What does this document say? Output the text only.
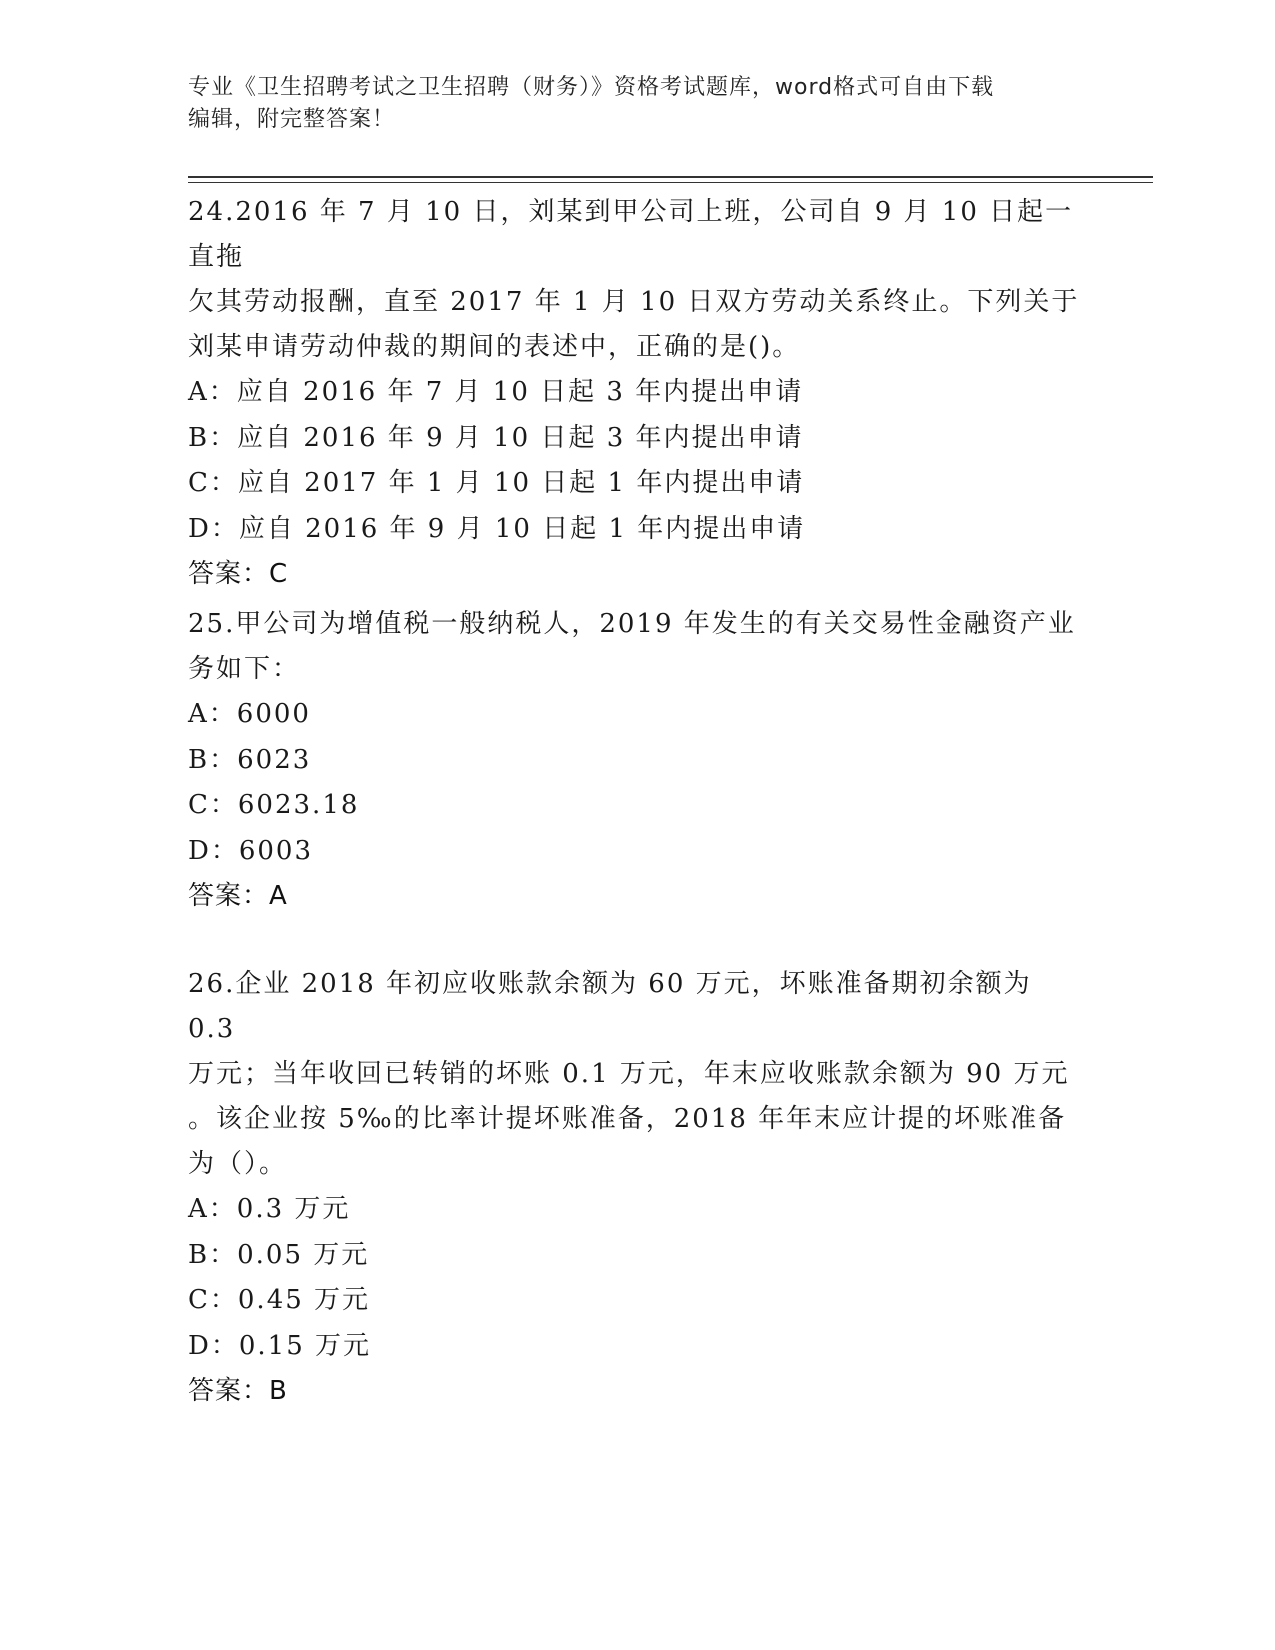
专业《卫生招聘考试之卫生招聘（财务）》资格考试题库，word格式可自由下载
编辑，附完整答案！
24.2016 年 7 月 10 日，刘某到甲公司上班，公司自 9 月 10 日起一直拖
欠其劳动报酬，直至 2017 年 1 月 10 日双方劳动关系终止。下列关于
刘某申请劳动仲裁的期间的表述中，正确的是()。
A：应自 2016 年 7 月 10 日起 3 年内提出申请
B：应自 2016 年 9 月 10 日起 3 年内提出申请
C：应自 2017 年 1 月 10 日起 1 年内提出申请
D：应自 2016 年 9 月 10 日起 1 年内提出申请
答案：C
25.甲公司为增值税一般纳税人，2019 年发生的有关交易性金融资产业
务如下：
A：6000
B：6023
C：6023.18
D：6003
答案：A
26.企业 2018 年初应收账款余额为 60 万元，坏账准备期初余额为 0.3
万元；当年收回已转销的坏账 0.1 万元，年末应收账款余额为 90 万元
。该企业按 5‰的比率计提坏账准备，2018 年年末应计提的坏账准备
为（）。
A：0.3 万元
B：0.05 万元
C：0.45 万元
D：0.15 万元
答案：B
